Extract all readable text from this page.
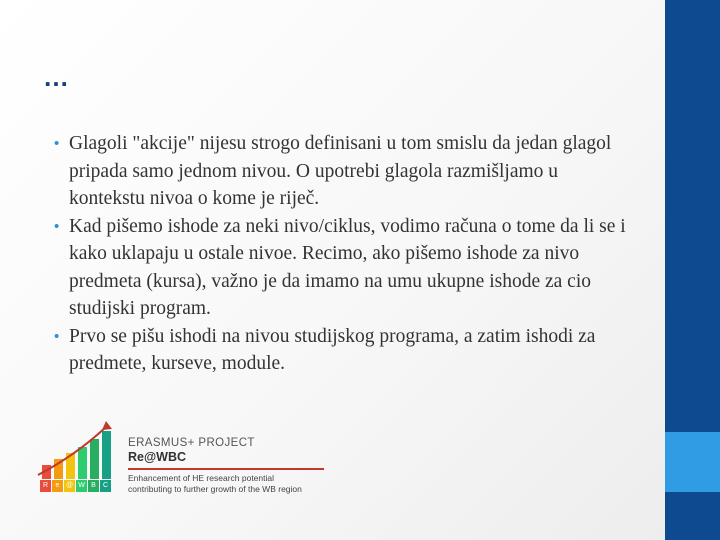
…
• Glagoli "akcije" nijesu strogo definisani u tom smislu da jedan glagol pripada samo jednom nivou. O upotrebi glagola razmišljamo u kontekstu nivoa o kome je riječ.
• Kad pišemo ishode za neki nivo/ciklus, vodimo računa o tome da li se i kako uklapaju u ostale nivoe. Recimo, ako pišemo ishode za nivo predmeta (kursa), važno je da imamo na umu ukupne ishode za cio studijski program.
• Prvo se pišu ishodi na nivou studijskog programa, a zatim ishodi za predmete, kurseve, module.
R	e @ W B	C
ERASMUS+ PROJECT
Re@WBC
Enhancement of HE research potential
contributing to further growth of the WB region
